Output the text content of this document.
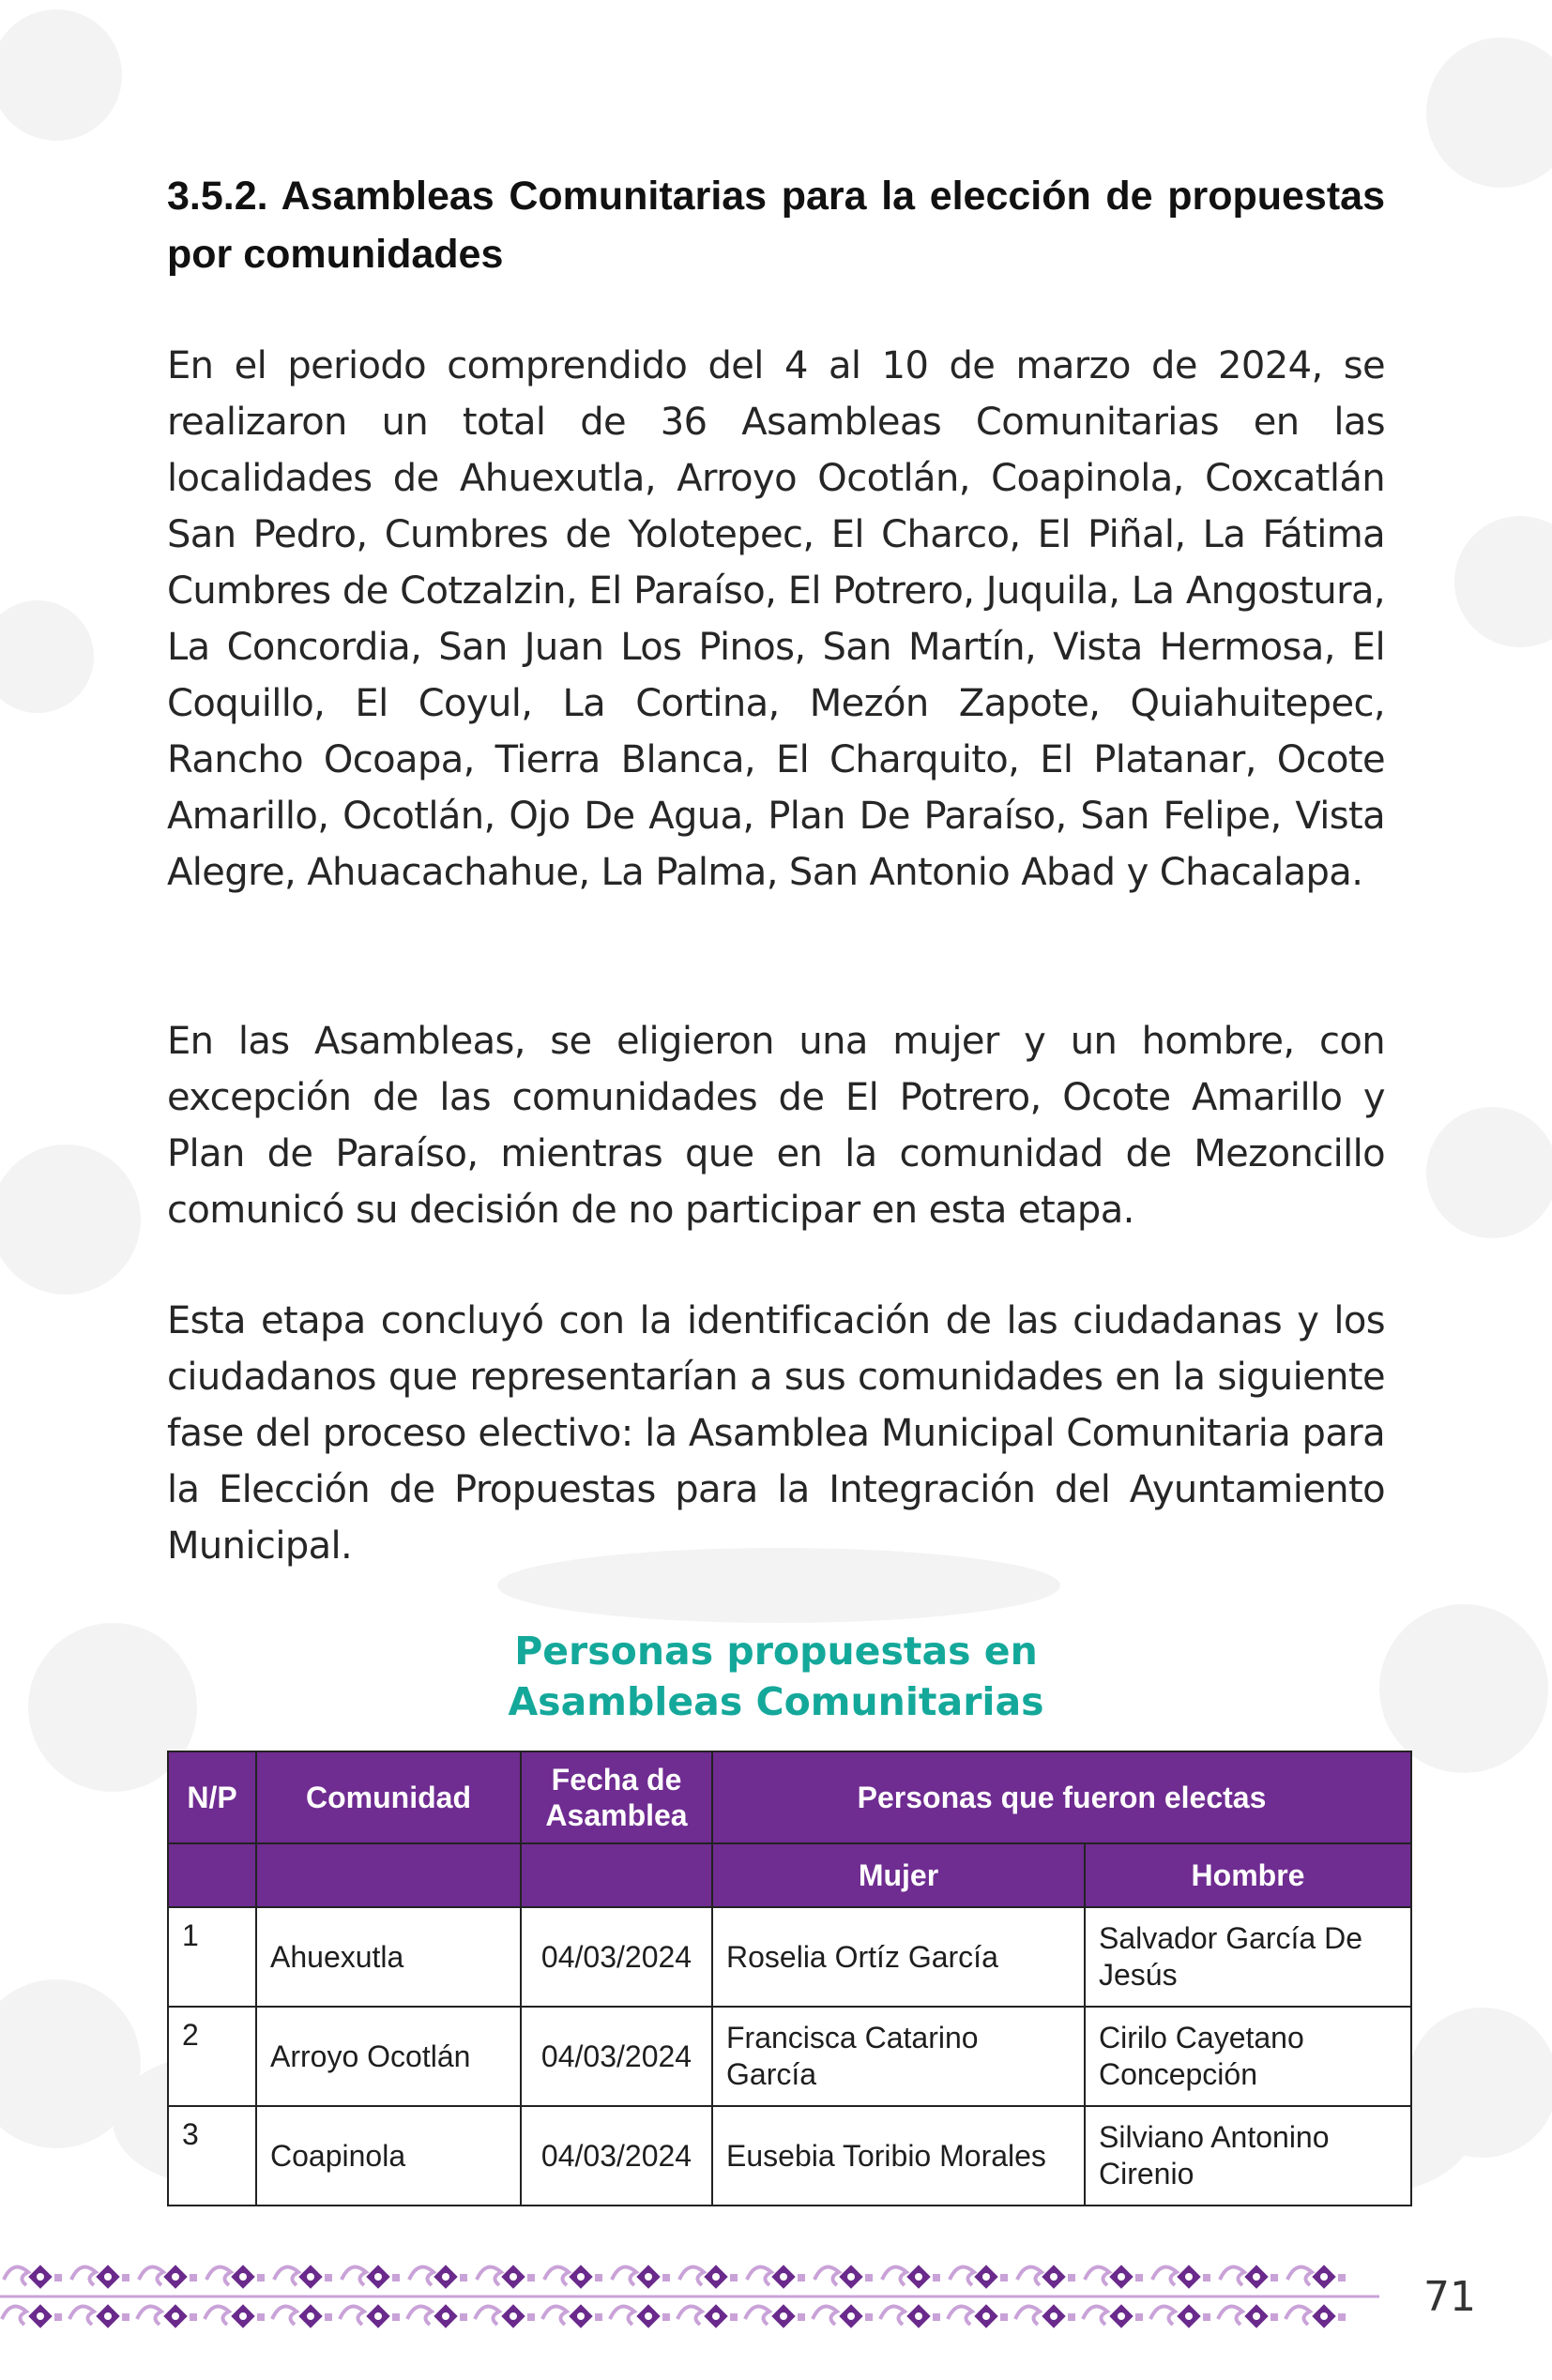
3.5.2. Asambleas Comunitarias para la elección de propuestas por comunidades

En el periodo comprendido del 4 al 10 de marzo de 2024, se realizaron un total de 36 Asambleas Comunitarias en las localidades de Ahuexutla, Arroyo Ocotlán, Coapinola, Coxcatlán San Pedro, Cumbres de Yolotepec, El Charco, El Piñal, La Fátima Cumbres de Cotzalzin, El Paraíso, El Potrero, Juquila, La Angostura, La Concordia, San Juan Los Pinos, San Martín, Vista Hermosa, El Coquillo, El Coyul, La Cortina, Mezón Zapote, Quiahuitepec, Rancho Ocoapa, Tierra Blanca, El Charquito, El Platanar, Ocote Amarillo, Ocotlán, Ojo De Agua, Plan De Paraíso, San Felipe, Vista Alegre, Ahuacachahue, La Palma, San Antonio Abad y Chacalapa.

En las Asambleas, se eligieron una mujer y un hombre, con excepción de las comunidades de El Potrero, Ocote Amarillo y Plan de Paraíso, mientras que en la comunidad de Mezoncillo comunicó su decisión de no participar en esta etapa.

Esta etapa concluyó con la identificación de las ciudadanas y los ciudadanos que representarían a sus comunidades en la siguiente fase del proceso electivo: la Asamblea Municipal Comunitaria para la Elección de Propuestas para la Integración del Ayuntamiento Municipal.

Personas propuestas en
Asambleas Comunitarias
N/P	Comunidad	Fecha de Asamblea	Personas que fueron electas	
			Mujer	Hombre
1	Ahuexutla	04/03/2024	Roselia Ortíz García	Salvador García De Jesús
2	Arroyo Ocotlán	04/03/2024	Francisca Catarino García	Cirilo Cayetano Concepción
3	Coapinola	04/03/2024	Eusebia Toribio Morales	Silviano Antonino Cirenio
71
